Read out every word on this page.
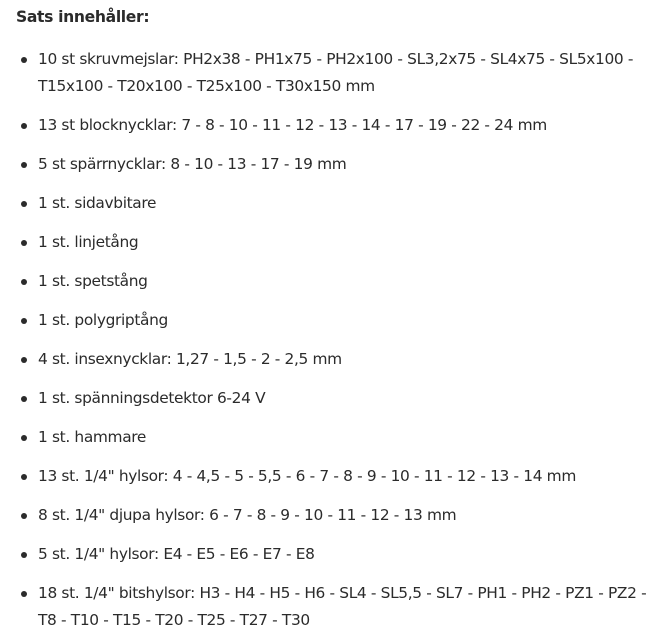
Sats innehåller:

10 st skruvmejslar: PH2x38 - PH1x75 - PH2x100 - SL3,2x75 - SL4x75 - SL5x100 - T15x100 - T20x100 - T25x100 - T30x150 mm
13 st blocknycklar: 7 - 8 - 10 - 11 - 12 - 13 - 14 - 17 - 19 - 22 - 24 mm
5 st spärrnycklar: 8 - 10 - 13 - 17 - 19 mm
1 st. sidavbitare
1 st. linjetång
1 st. spetstång
1 st. polygriptång
4 st. insexnycklar: 1,27 - 1,5 - 2 - 2,5 mm
1 st. spänningsdetektor 6-24 V
1 st. hammare
13 st. 1/4" hylsor: 4 - 4,5 - 5 - 5,5 - 6 - 7 - 8 - 9 - 10 - 11 - 12 - 13 - 14 mm
8 st. 1/4" djupa hylsor: 6 - 7 - 8 - 9 - 10 - 11 - 12 - 13 mm
5 st. 1/4" hylsor: E4 - E5 - E6 - E7 - E8
18 st. 1/4" bitshylsor: H3 - H4 - H5 - H6 - SL4 - SL5,5 - SL7 - PH1 - PH2 - PZ1 - PZ2 - T8 - T10 - T15 - T20 - T25 - T27 - T30
